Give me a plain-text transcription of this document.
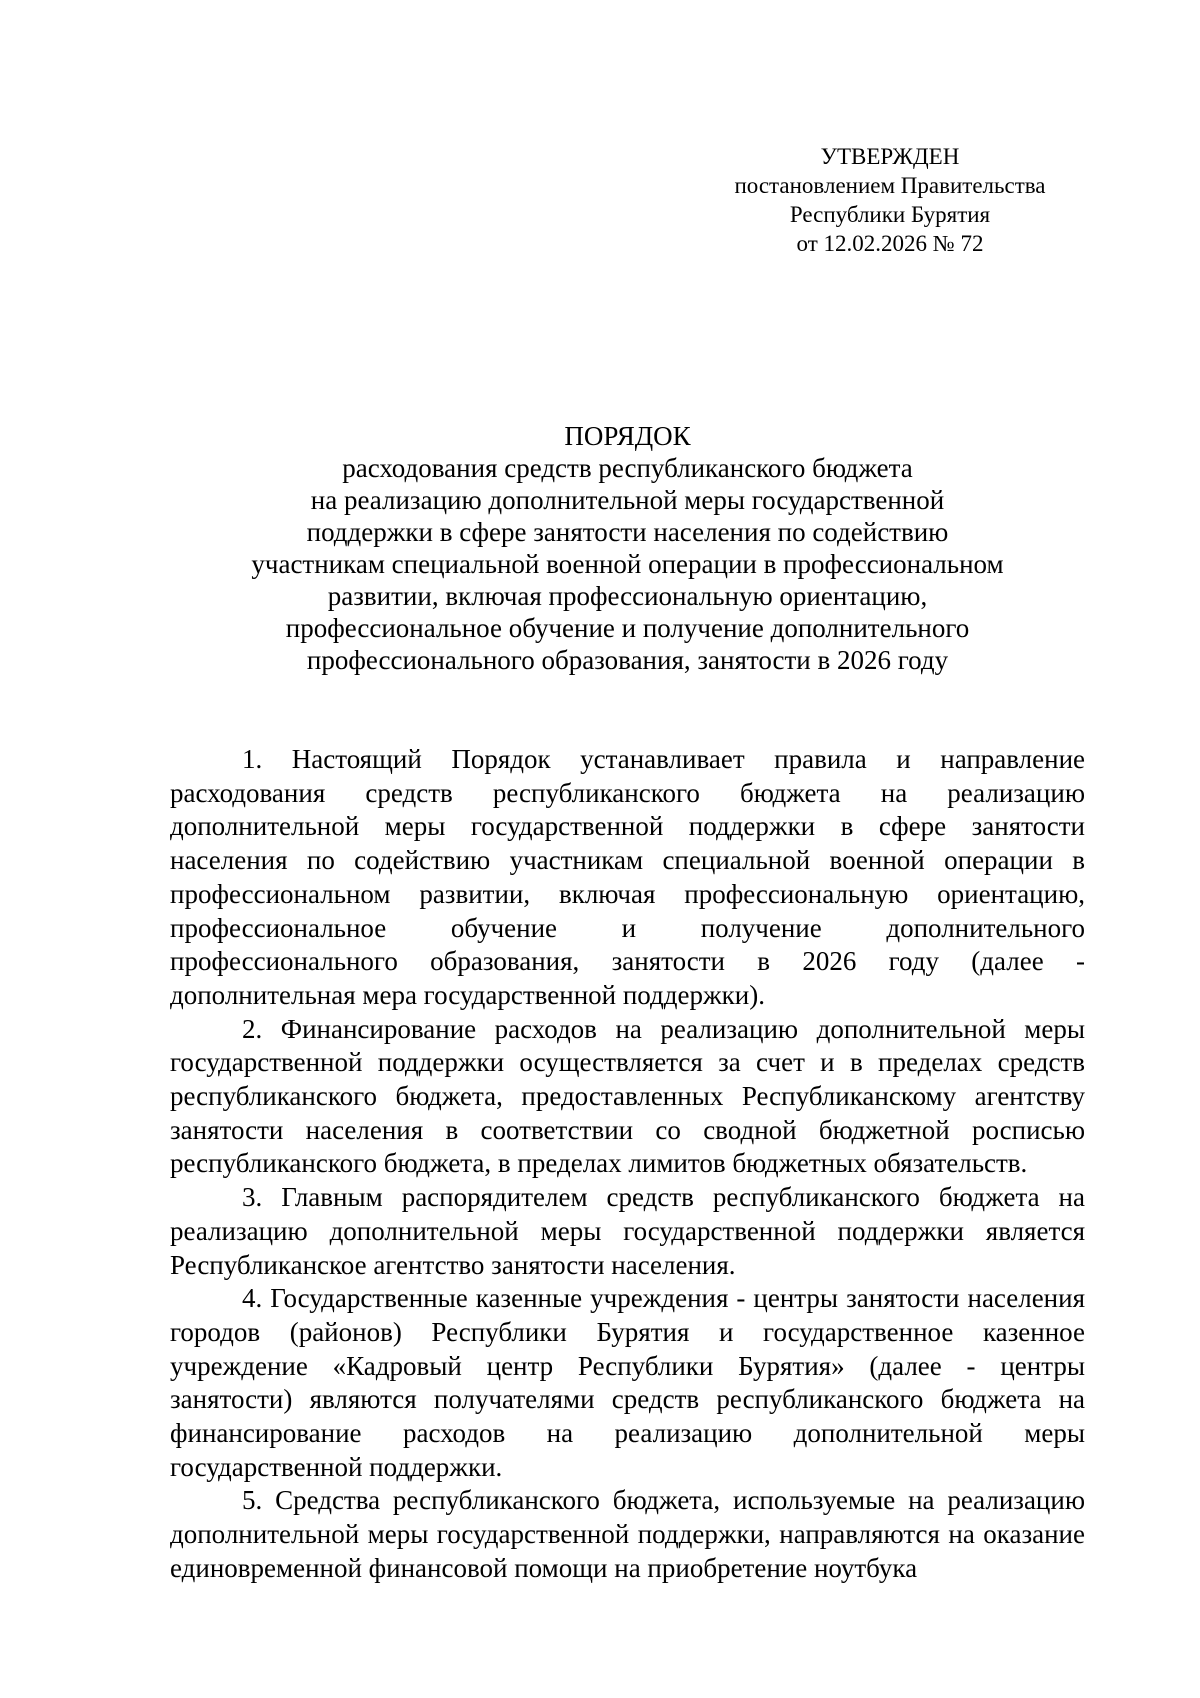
УТВЕРЖДЕН
постановлением Правительства
Республики Бурятия
от 12.02.2026 № 72
ПОРЯДОК
расходования средств республиканского бюджета
на реализацию дополнительной меры государственной
поддержки в сфере занятости населения по содействию
участникам специальной военной операции в профессиональном
развитии, включая профессиональную ориентацию,
профессиональное обучение и получение дополнительного
профессионального образования, занятости в 2026 году

1. Настоящий Порядок устанавливает правила и направление расходования средств республиканского бюджета на реализацию дополнительной меры государственной поддержки в сфере занятости населения по содействию участникам специальной военной операции в профессиональном развитии, включая профессиональную ориентацию, профессиональное обучение и получение дополнительного профессионального образования, занятости в 2026 году (далее - дополнительная мера государственной поддержки).

2. Финансирование расходов на реализацию дополнительной меры государственной поддержки осуществляется за счет и в пределах средств республиканского бюджета, предоставленных Республиканскому агентству занятости населения в соответствии со сводной бюджетной росписью республиканского бюджета, в пределах лимитов бюджетных обязательств.

3. Главным распорядителем средств республиканского бюджета на реализацию дополнительной меры государственной поддержки является Республиканское агентство занятости населения.

4. Государственные казенные учреждения - центры занятости населения городов (районов) Республики Бурятия и государственное казенное учреждение «Кадровый центр Республики Бурятия» (далее - центры занятости) являются получателями средств республиканского бюджета на финансирование расходов на реализацию дополнительной меры государственной поддержки.

5. Средства республиканского бюджета, используемые на реализацию дополнительной меры государственной поддержки, направляются на оказание единовременной финансовой помощи на приобретение ноутбука
